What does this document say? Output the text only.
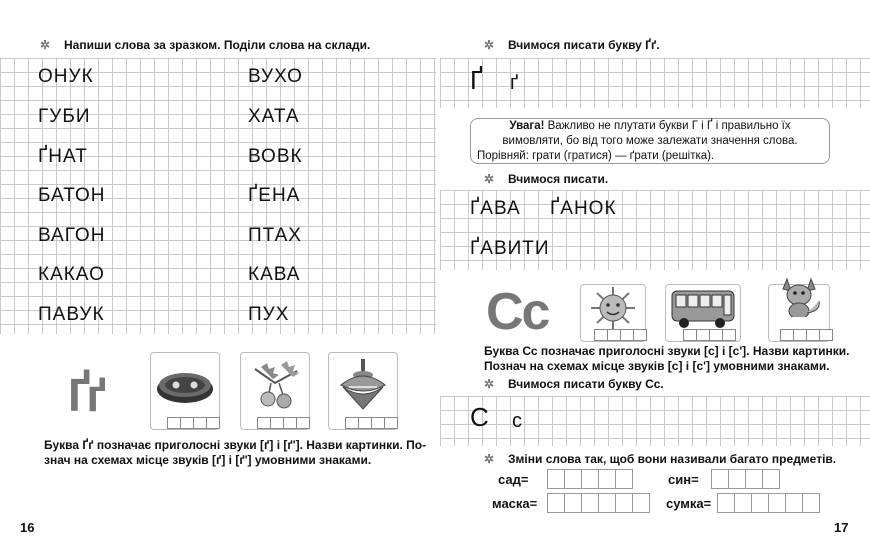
✲ Напиши слова за зразком. Поділи слова на склади.
ОНУК
ГУБИ
ҐНАТ
БАТОН
ВАГОН
КАКАО
ПАВУК
ВУХО
ХАТА
ВОВК
ҐЕНА
ПТАХ
КАВА
ПУХ
Ґґ
Буква Ґґ позначає приголосні звуки [ґ] і [ґ']. Назви картинки. По-
знач на схемах місце звуків [ґ] і [ґ'] умовними знаками.
16
✲ Вчимося писати букву Ґґ.
Ґ ґ
Увага! Важливо не плутати букви Г і Ґ і правильно їх
вимовляти, бо від того може залежати значення слова.
Порівняй: грати (гратися) — ґрати (решітка).
✲ Вчимося писати.
ҐАВА ҐАНОК
ҐАВИТИ
Cc
Буква Сс позначає приголосні звуки [с] і [с']. Назви картинки.
Познач на схемах місце звуків [с] і [с'] умовними знаками.
✲ Вчимося писати букву Сс.
С с
✲ Зміни слова так, щоб вони називали багато предметів.
сад=	син=
маска=	сумка=
17
